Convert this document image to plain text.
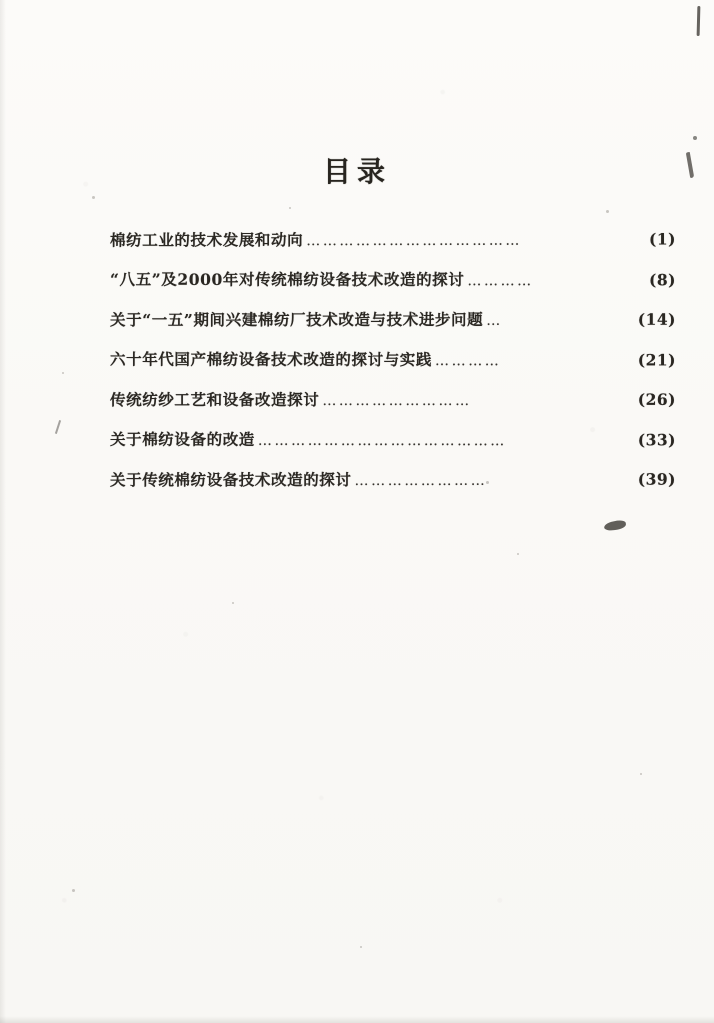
目录
棉纺工业的技术发展和动向 …………………………………	(1)
“八五”及2000年对传统棉纺设备技术改造的探讨 …………	(8)
关于“一五”期间兴建棉纺厂技术改造与技术进步问题 …	(14)
六十年代国产棉纺设备技术改造的探讨与实践 …………	(21)
传统纺纱工艺和设备改造探讨 ………………………	(26)
关于棉纺设备的改造 ………………………………………	(33)
关于传统棉纺设备技术改造的探讨 ……………………	(39)
